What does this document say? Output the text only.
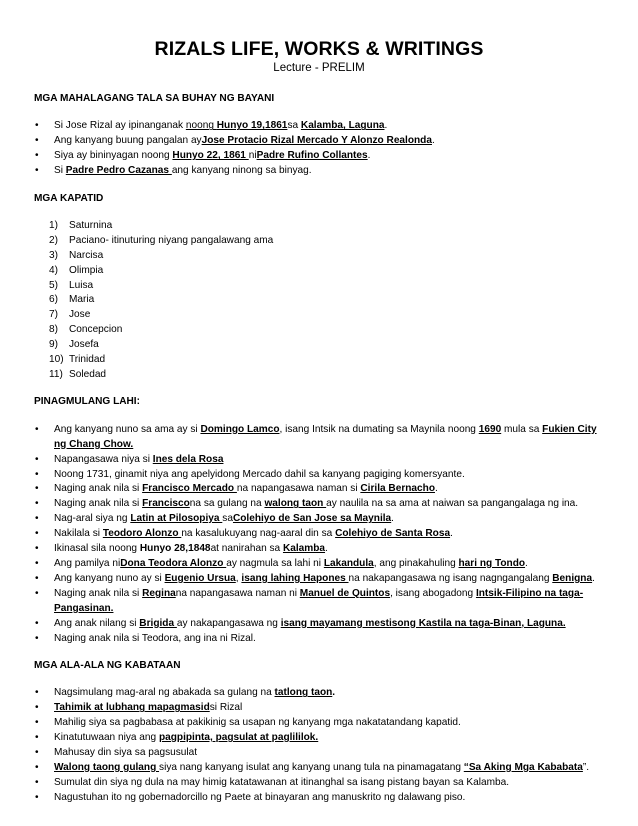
RIZALS LIFE, WORKS & WRITINGS
Lecture - PRELIM
MGA MAHALAGANG TALA SA BUHAY NG BAYANI
• Si Jose Rizal ay ipinanganak noong Hunyo 19,1861sa Kalamba, Laguna.
• Ang kanyang buung pangalan ayJose Protacio Rizal Mercado Y Alonzo Realonda.
• Siya ay bininyagan noong Hunyo 22, 1861 niPadre Rufino Collantes.
• Si Padre Pedro Cazanas ang kanyang ninong sa binyag.
MGA KAPATID
1) Saturnina
2) Paciano- itinuturing niyang pangalawang ama
3) Narcisa
4) Olimpia
5) Luisa
6) Maria
7) Jose
8) Concepcion
9) Josefa
10) Trinidad
11) Soledad
PINAGMULANG LAHI:
• Ang kanyang nuno sa ama ay si Domingo Lamco, isang Intsik na dumating sa Maynila noong 1690 mula sa Fukien City ng Chang Chow.
• Napangasawa niya si Ines dela Rosa
• Noong 1731, ginamit niya ang apelyidong Mercado dahil sa kanyang pagiging komersyante.
• Naging anak nila si Francisco Mercado na napangasawa naman si Cirila Bernacho.
• Naging anak nila si Franciscona sa gulang na walong taon ay naulila na sa ama at naiwan sa pangangalaga ng ina.
• Nag-aral siya ng Latin at Pilosopiya saColehiyo de San Jose sa Maynila.
• Nakilala si Teodoro Alonzo na kasalukuyang nag-aaral din sa Colehiyo de Santa Rosa.
• Ikinasal sila noong Hunyo 28,1848at nanirahan sa Kalamba.
• Ang pamilya niDona Teodora Alonzo ay nagmula sa lahi ni Lakandula, ang pinakahuling hari ng Tondo.
• Ang kanyang nuno ay si Eugenio Ursua, isang lahing Hapones na nakapangasawa ng isang nagngangalang Benigna.
• Naging anak nila si Reginana napangasawa naman ni Manuel de Quintos, isang abogadong Intsik-Filipino na taga-Pangasinan.
• Ang anak nilang si Brigida ay nakapangasawa ng isang mayamang mestisong Kastila na taga-Binan, Laguna.
• Naging anak nila si Teodora, ang ina ni Rizal.
MGA ALA-ALA NG KABATAAN
• Nagsimulang mag-aral ng abakada sa gulang na tatlong taon.
• Tahimik at lubhang mapagmasidsi Rizal
• Mahilig siya sa pagbabasa at pakikinig sa usapan ng kanyang mga nakatatandang kapatid.
• Kinatutuwaan niya ang pagpipinta, pagsulat at paglililok.
• Mahusay din siya sa pagsusulat
• Walong taong gulang siya nang kanyang isulat ang kanyang unang tula na pinamagatang “Sa Aking Mga Kababata”.
• Sumulat din siya ng dula na may himig katatawanan at itinanghal sa isang pistang bayan sa Kalamba.
• Nagustuhan ito ng gobernadorcillo ng Paete at binayaran ang manuskrito ng dalawang piso.
